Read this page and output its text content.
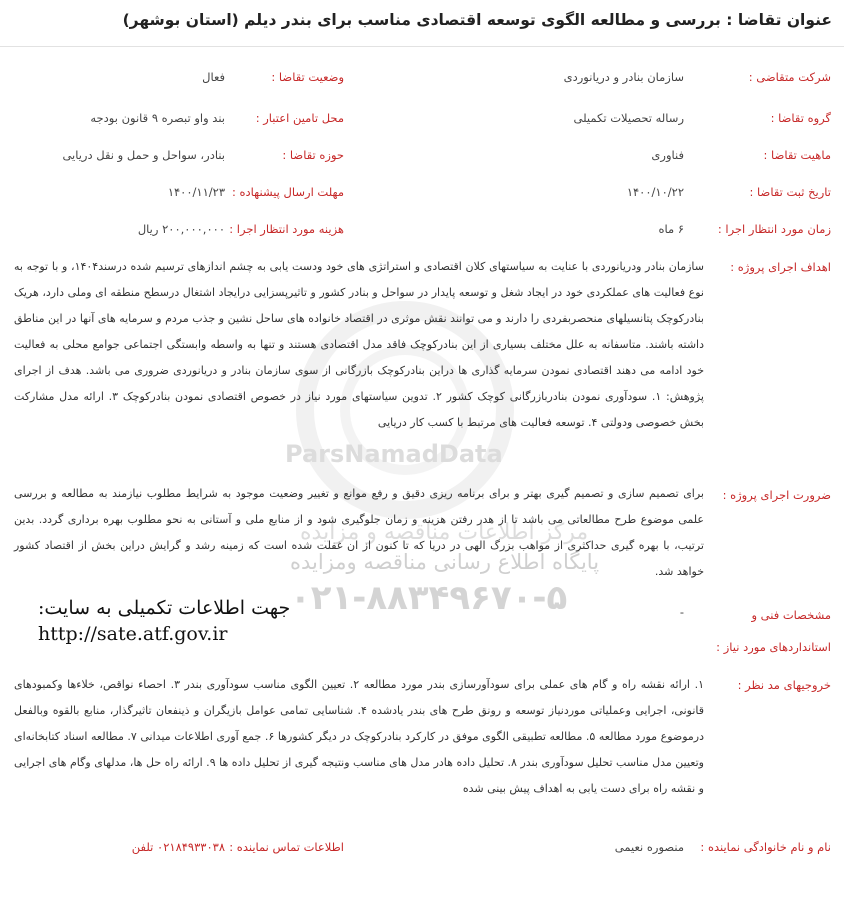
ParsNamadData
مرکز اطلاعات مناقصه و مزایده
پایگاه اطلاع رسانی مناقصه ومزایده
۰۲۱-۸۸۳۴۹۶۷۰-۵
عنوان تقاضا : بررسی و مطالعه الگوی توسعه اقتصادی مناسب برای بندر دیلم (استان بوشهر)
شرکت متقاضی :
سازمان بنادر و دریانوردی
وضعیت تقاضا :
فعال
گروه تقاضا :
رساله تحصیلات تکمیلی
محل تامین اعتبار :
بند واو تبصره ۹ قانون بودجه
ماهیت تقاضا :
فناوری
حوزه تقاضا :
بنادر، سواحل و حمل و نقل دریایی
تاریخ ثبت تقاضا :
۱۴۰۰/۱۰/۲۲
مهلت ارسال پیشنهاده :
۱۴۰۰/۱۱/۲۳
زمان مورد انتظار اجرا :
۶ ماه
هزینه مورد انتظار اجرا :
۲۰۰,۰۰۰,۰۰۰ ریال
اهداف اجرای پروژه :
سازمان بنادر ودریانوردی با عنایت به سیاستهای کلان اقتصادی و استراتژی های خود ودست یابی به چشم اندازهای ترسیم شده درسند۱۴۰۴، و با توجه به نوع فعالیت های عملکردی خود در ایجاد شغل و توسعه پایدار در سواحل و بنادر کشور و تاثیرپسزایی درایجاد اشتغال درسطح منطقه ای وملی دارد، هریک بنادرکوچک پتانسیلهای منحصربفردی را دارند و می توانند نقش موثری در اقتصاد خانواده های ساحل نشین و جذب مردم و سرمایه های آنها در این مناطق داشته باشند. متاسفانه به علل مختلف بسیاری از این بنادرکوچک فاقد مدل اقتصادی هستند و تنها به واسطه وابستگی اجتماعی جوامع محلی به فعالیت خود ادامه می دهند اقتصادی نمودن سرمایه گذاری ها دراین بنادرکوچک بازرگانی از سوی سازمان بنادر و دریانوردی ضروری می باشد. هدف از اجرای پژوهش: ۱. سودآوری نمودن بنادربازرگانی کوچک کشور ۲. تدوین سیاستهای مورد نیاز در خصوص اقتصادی نمودن بنادرکوچک ۳. ارائه مدل مشارکت بخش خصوصی ودولتی ۴. توسعه فعالیت های مرتبط با کسب کار دریایی
ضرورت اجرای پروژه :
برای تصمیم سازی و تصمیم گیری بهتر و برای برنامه ریزی دقیق و رفع موانع و تغییر وضعیت موجود به شرایط مطلوب نیازمند به مطالعه و بررسی علمی موضوع طرح مطالعاتی می باشد تا از هدر رفتن هزینه و زمان جلوگیری شود و از منابع ملی و آستانی به نحو مطلوب بهره برداری گردد. بدین ترتیب، با بهره گیری حداکثری از مواهب بزرگ الهی در دریا که تا کنون از ان غفلت شده است که زمینه رشد و گرایش دراین بخش از اقتصاد کشور خواهد شد.
مشخصات فنی و
استانداردهای مورد نیاز :
-
جهت اطلاعات تکمیلی به سایت:
http://sate.atf.gov.ir
خروجیهای مد نظر :
۱. ارائه نقشه راه و گام های عملی برای سودآورسازی بندر مورد مطالعه ۲. تعیین الگوی مناسب سودآوری بندر ۳. احصاء نواقص، خلاءها وکمبودهای قانونی، اجرایی وعملیاتی موردنیاز توسعه و رونق طرح های بندر یادشده ۴. شناسایی تمامی عوامل بازیگران و ذینفعان تاثیرگذار، منابع بالقوه وبالفعل درموضوع مورد مطالعه ۵. مطالعه تطبیقی الگوی موفق در کارکرد بنادرکوچک در دیگر کشورها ۶. جمع آوری اطلاعات میدانی ۷. مطالعه اسناد کتابخانه‌ای وتعیین مدل مناسب تحلیل سودآوری بندر ۸. تحلیل داده هادر مدل های مناسب ونتیجه گیری از تحلیل داده ها ۹. ارائه راه حل ها، مدلهای وگام های اجرایی و نقشه راه برای دست یابی به اهداف پیش بینی شده
نام و نام خانوادگی نماینده :
منصوره نعیمی
اطلاعات تماس نماینده :
۰۲۱۸۴۹۳۳۰۳۸ تلفن
